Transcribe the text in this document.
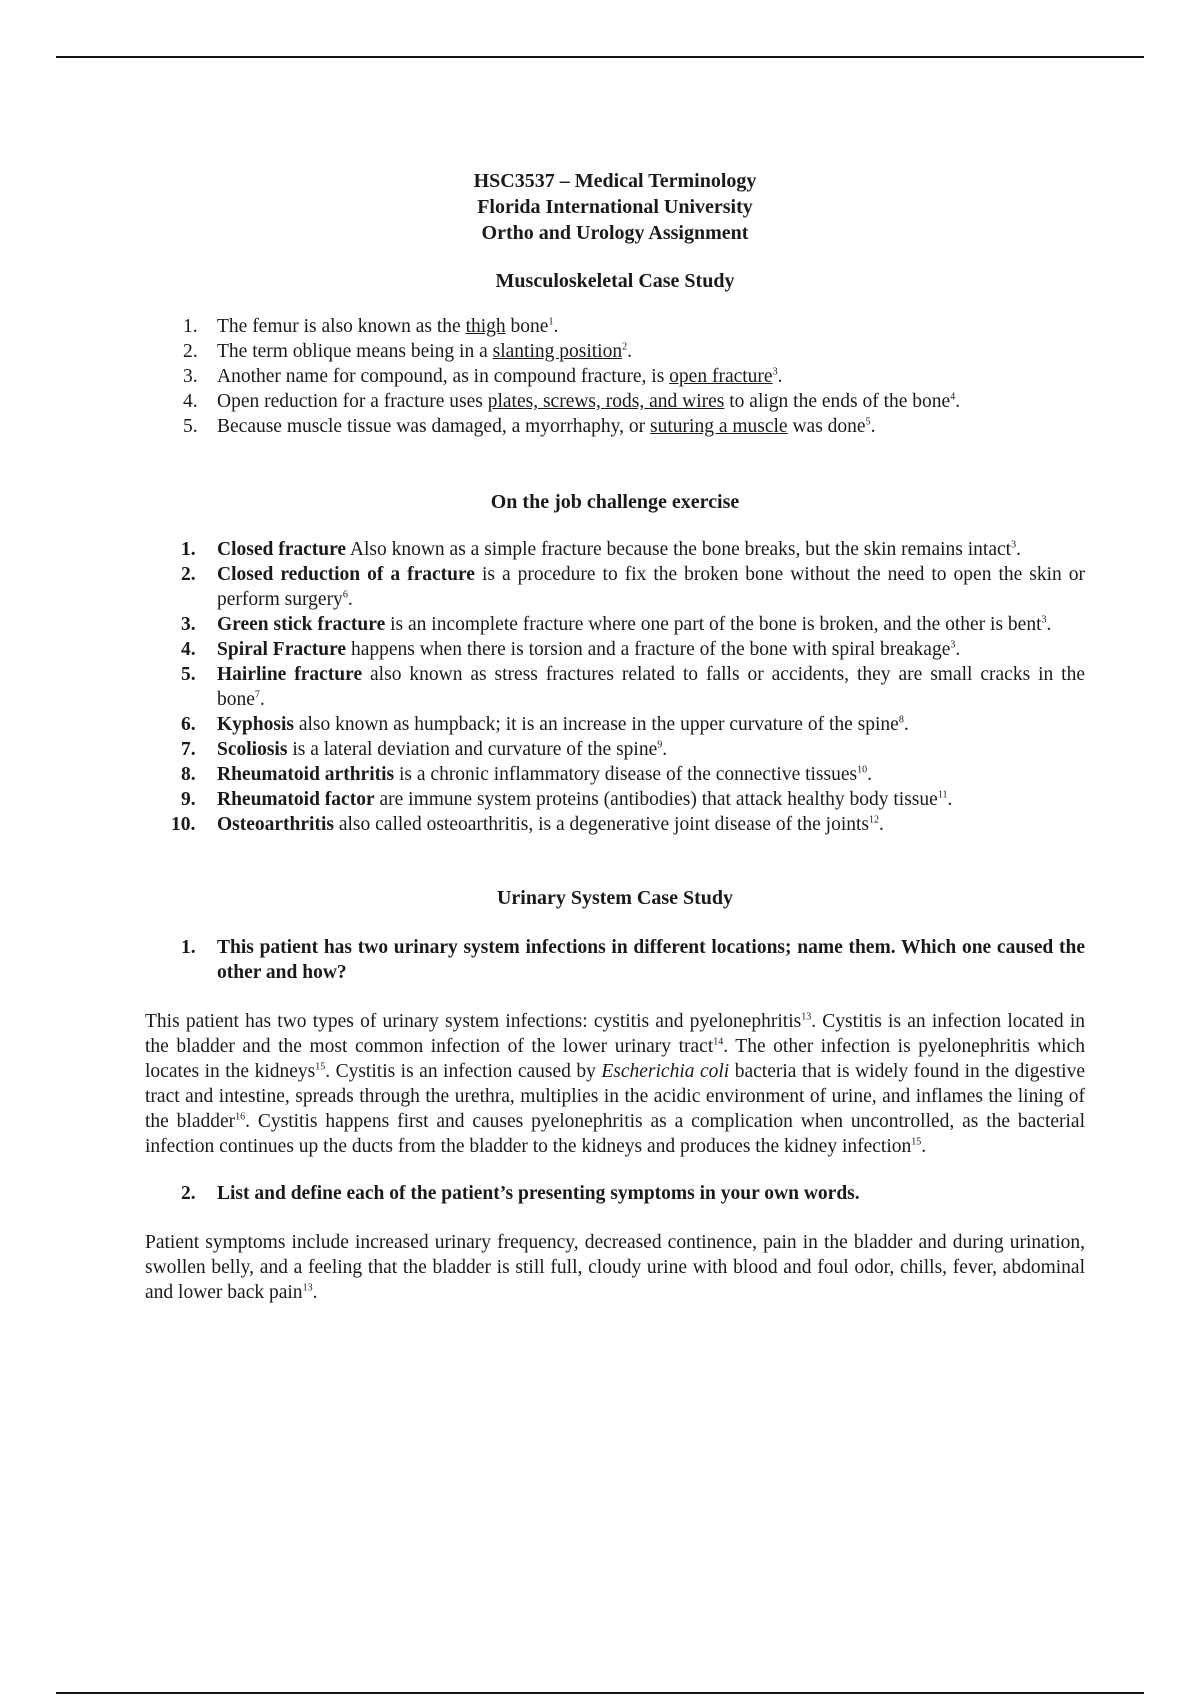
HSC3537 – Medical Terminology
Florida International University
Ortho and Urology Assignment
Musculoskeletal Case Study
1. The femur is also known as the thigh bone$^1$.
2. The term oblique means being in a slanting position$^2$.
3. Another name for compound, as in compound fracture, is open fracture$^3$.
4. Open reduction for a fracture uses plates, screws, rods, and wires to align the ends of the bone$^4$.
5. Because muscle tissue was damaged, a myorrhaphy, or suturing a muscle was done$^5$.
On the job challenge exercise
1. Closed fracture Also known as a simple fracture because the bone breaks, but the skin remains intact$^3$.
2. Closed reduction of a fracture is a procedure to fix the broken bone without the need to open the skin or perform surgery$^6$.
3. Green stick fracture is an incomplete fracture where one part of the bone is broken, and the other is bent$^3$.
4. Spiral Fracture happens when there is torsion and a fracture of the bone with spiral breakage$^3$.
5. Hairline fracture also known as stress fractures related to falls or accidents, they are small cracks in the bone$^7$.
6. Kyphosis also known as humpback; it is an increase in the upper curvature of the spine$^8$.
7. Scoliosis is a lateral deviation and curvature of the spine$^9$.
8. Rheumatoid arthritis is a chronic inflammatory disease of the connective tissues$^{10}$.
9. Rheumatoid factor are immune system proteins (antibodies) that attack healthy body tissue$^{11}$.
10. Osteoarthritis also called osteoarthritis, is a degenerative joint disease of the joints$^{12}$.
Urinary System Case Study
1. This patient has two urinary system infections in different locations; name them. Which one caused the other and how?
This patient has two types of urinary system infections: cystitis and pyelonephritis$^{13}$. Cystitis is an infection located in the bladder and the most common infection of the lower urinary tract$^{14}$. The other infection is pyelonephritis which locates in the kidneys$^{15}$. Cystitis is an infection caused by Escherichia coli bacteria that is widely found in the digestive tract and intestine, spreads through the urethra, multiplies in the acidic environment of urine, and inflames the lining of the bladder$^{16}$. Cystitis happens first and causes pyelonephritis as a complication when uncontrolled, as the bacterial infection continues up the ducts from the bladder to the kidneys and produces the kidney infection$^{15}$.
2. List and define each of the patient’s presenting symptoms in your own words.
Patient symptoms include increased urinary frequency, decreased continence, pain in the bladder and during urination, swollen belly, and a feeling that the bladder is still full, cloudy urine with blood and foul odor, chills, fever, abdominal and lower back pain$^{13}$.
